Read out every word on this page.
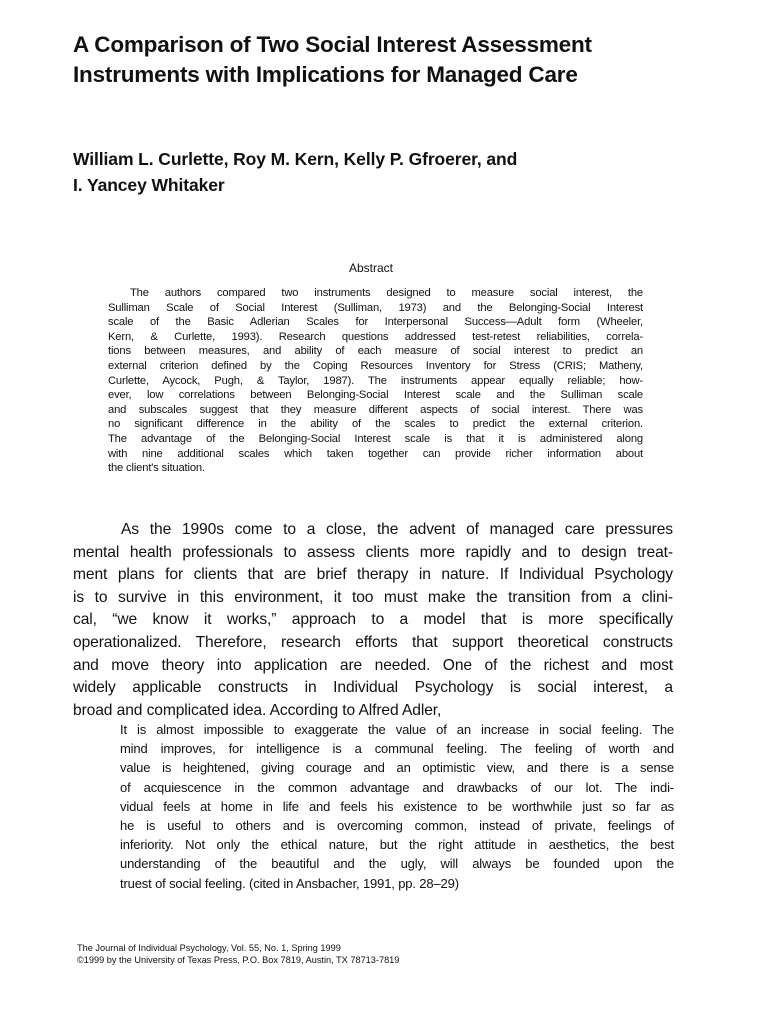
A Comparison of Two Social Interest Assessment
Instruments with Implications for Managed Care
William L. Curlette, Roy M. Kern, Kelly P. Gfroerer, and
I. Yancey Whitaker
Abstract
The authors compared two instruments designed to measure social interest, the
Sulliman Scale of Social Interest (Sulliman, 1973) and the Belonging-Social Interest
scale of the Basic Adlerian Scales for Interpersonal Success—Adult form (Wheeler,
Kern, & Curlette, 1993). Research questions addressed test-retest reliabilities, correla-
tions between measures, and ability of each measure of social interest to predict an
external criterion defined by the Coping Resources Inventory for Stress (CRIS; Matheny,
Curlette, Aycock, Pugh, & Taylor, 1987). The instruments appear equally reliable; how-
ever, low correlations between Belonging-Social Interest scale and the Sulliman scale
and subscales suggest that they measure different aspects of social interest. There was
no significant difference in the ability of the scales to predict the external criterion.
The advantage of the Belonging-Social Interest scale is that it is administered along
with nine additional scales which taken together can provide richer information about
the client's situation.
As the 1990s come to a close, the advent of managed care pressures
mental health professionals to assess clients more rapidly and to design treat-
ment plans for clients that are brief therapy in nature. If Individual Psychology
is to survive in this environment, it too must make the transition from a clini-
cal, “we know it works,” approach to a model that is more specifically
operationalized. Therefore, research efforts that support theoretical constructs
and move theory into application are needed. One of the richest and most
widely applicable constructs in Individual Psychology is social interest, a
broad and complicated idea. According to Alfred Adler,
It is almost impossible to exaggerate the value of an increase in social feeling. The
mind improves, for intelligence is a communal feeling. The feeling of worth and
value is heightened, giving courage and an optimistic view, and there is a sense
of acquiescence in the common advantage and drawbacks of our lot. The indi-
vidual feels at home in life and feels his existence to be worthwhile just so far as
he is useful to others and is overcoming common, instead of private, feelings of
inferiority. Not only the ethical nature, but the right attitude in aesthetics, the best
understanding of the beautiful and the ugly, will always be founded upon the
truest of social feeling. (cited in Ansbacher, 1991, pp. 28–29)
The Journal of Individual Psychology, Vol. 55, No. 1, Spring 1999
©1999 by the University of Texas Press, P.O. Box 7819, Austin, TX 78713-7819
